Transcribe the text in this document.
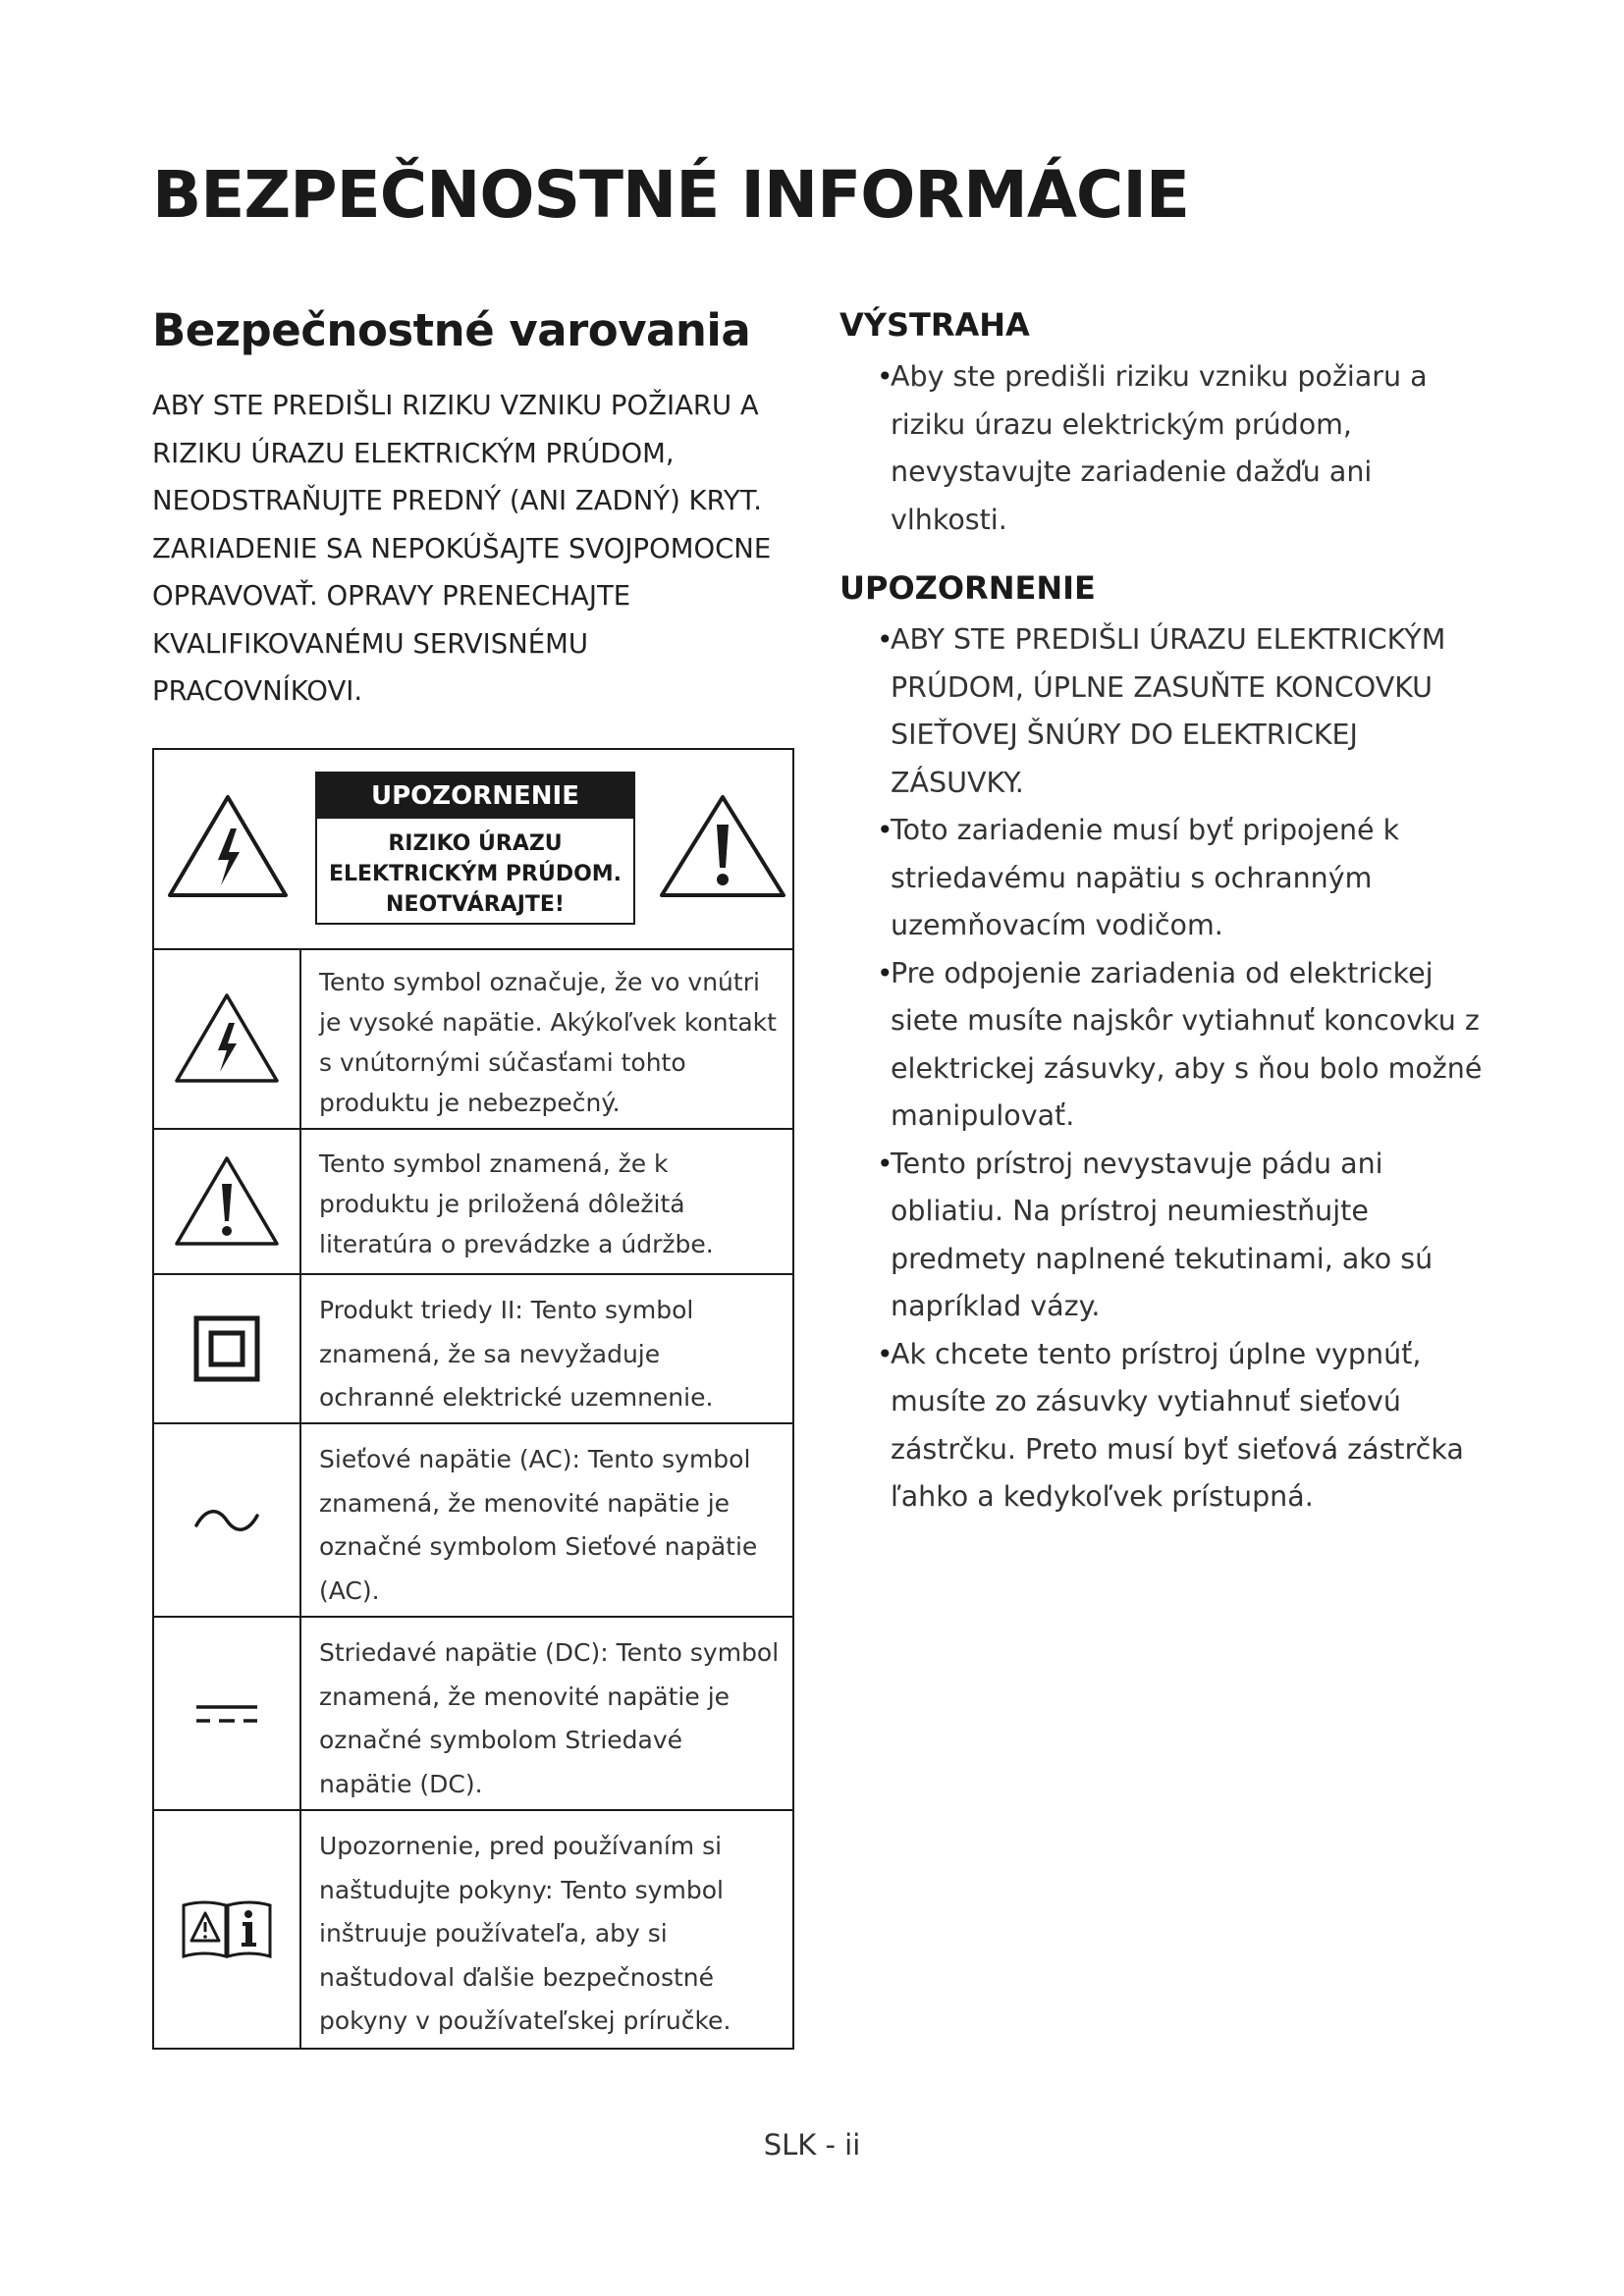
BEZPEČNOSTNÉ INFORMÁCIE
Bezpečnostné varovania

ABY STE PREDIŠLI RIZIKU VZNIKU POŽIARU A RIZIKU ÚRAZU ELEKTRICKÝM PRÚDOM, NEODSTRAŇUJTE PREDNÝ (ANI ZADNÝ) KRYT. ZARIADENIE SA NEPOKÚŠAJTE SVOJPOMOCNE OPRAVOVAŤ. OPRAVY PRENECHAJTE KVALIFIKOVANÉMU SERVISNÉMU PRACOVNÍKOVI.

UPOZORNENIE
RIZIKO ÚRAZU
ELEKTRICKÝM PRÚDOM.
NEOTVÁRAJTE!
Tento symbol označuje, že vo vnútri je vysoké napätie. Akýkoľvek kontakt s vnútornými súčasťami tohto produktu je nebezpečný.
Tento symbol znamená, že k produktu je priložená dôležitá literatúra o prevádzke a údržbe.
Produkt triedy II: Tento symbol znamená, že sa nevyžaduje ochranné elektrické uzemnenie.
Sieťové napätie (AC): Tento symbol znamená, že menovité napätie je označné symbolom Sieťové napätie (AC).
Striedavé napätie (DC): Tento symbol znamená, že menovité napätie je označné symbolom Striedavé napätie (DC).
Upozornenie, pred používaním si naštudujte pokyny: Tento symbol inštruuje používateľa, aby si naštudoval ďalšie bezpečnostné pokyny v používateľskej príručke.
VÝSTRAHA
• Aby ste predišli riziku vzniku požiaru a riziku úrazu elektrickým prúdom, nevystavujte zariadenie dažďu ani vlhkosti.
UPOZORNENIE
• ABY STE PREDIŠLI ÚRAZU ELEKTRICKÝM PRÚDOM, ÚPLNE ZASUŇTE KONCOVKU SIEŤOVEJ ŠNÚRY DO ELEKTRICKEJ ZÁSUVKY.
• Toto zariadenie musí byť pripojené k striedavému napätiu s ochranným uzemňovacím vodičom.
• Pre odpojenie zariadenia od elektrickej siete musíte najskôr vytiahnuť koncovku z elektrickej zásuvky, aby s ňou bolo možné manipulovať.
• Tento prístroj nevystavuje pádu ani obliatiu. Na prístroj neumiestňujte predmety naplnené tekutinami, ako sú napríklad vázy.
• Ak chcete tento prístroj úplne vypnúť, musíte zo zásuvky vytiahnuť sieťovú zástrčku. Preto musí byť sieťová zástrčka ľahko a kedykoľvek prístupná.
SLK - ii
